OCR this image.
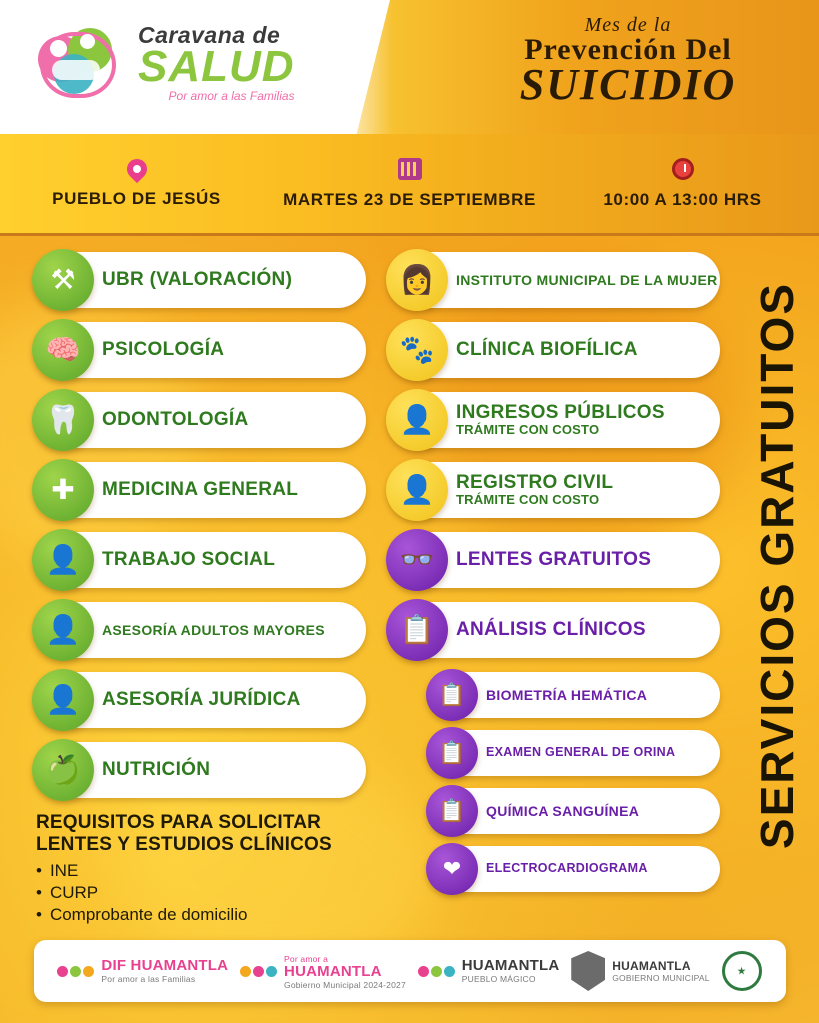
Caravana de
SALUD
Por amor a las Familias
Mes de la
Prevención Del
SUICIDIO
PUEBLO DE JESÚS	MARTES 23 DE SEPTIEMBRE	10:00 A 13:00 HRS
⚒	UBR (VALORACIÓN)
🧠	PSICOLOGÍA
🦷	ODONTOLOGÍA
✚	MEDICINA GENERAL
👤	TRABAJO SOCIAL
👤	ASESORÍA ADULTOS MAYORES
👤	ASESORÍA JURÍDICA
🍏	NUTRICIÓN
REQUISITOS PARA SOLICITAR LENTES Y ESTUDIOS CLÍNICOS
• INE
• CURP
• Comprobante de domicilio
👩	INSTITUTO MUNICIPAL DE LA MUJER
🐾	CLÍNICA BIOFÍLICA
👤	INGRESOS PÚBLICOS
TRÁMITE CON COSTO
👤	REGISTRO CIVIL
TRÁMITE CON COSTO
👓	LENTES GRATUITOS
📋	ANÁLISIS CLÍNICOS
📋	BIOMETRÍA HEMÁTICA
📋	EXAMEN GENERAL DE ORINA
📋	QUÍMICA SANGUÍNEA
❤	ELECTROCARDIOGRAMA
SERVICIOS GRATUITOS
DIF HUAMANTLA
Por amor a las Familias
Por amor a
HUAMANTLA
Gobierno Municipal 2024-2027
HUAMANTLA
PUEBLO MÁGICO
HUAMANTLA
GOBIERNO MUNICIPAL
★
